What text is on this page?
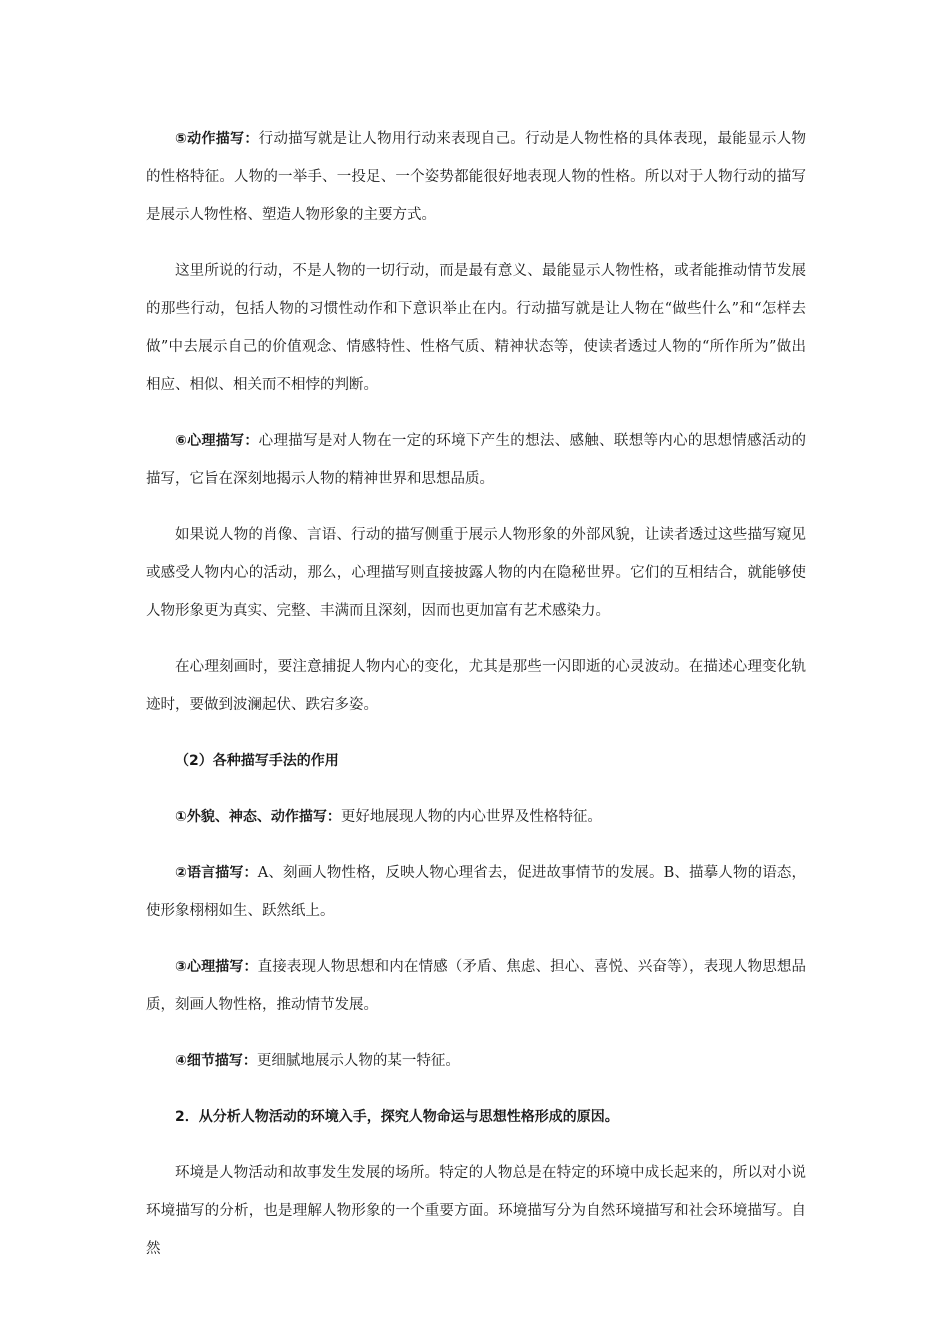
⑤动作描写：行动描写就是让人物用行动来表现自己。行动是人物性格的具体表现，最能显示人物的性格特征。人物的一举手、一投足、一个姿势都能很好地表现人物的性格。所以对于人物行动的描写是展示人物性格、塑造人物形象的主要方式。

这里所说的行动，不是人物的一切行动，而是最有意义、最能显示人物性格，或者能推动情节发展的那些行动，包括人物的习惯性动作和下意识举止在内。行动描写就是让人物在“做些什么”和“怎样去做”中去展示自己的价值观念、情感特性、性格气质、精神状态等，使读者透过人物的“所作所为”做出相应、相似、相关而不相悖的判断。

⑥心理描写：心理描写是对人物在一定的环境下产生的想法、感触、联想等内心的思想情感活动的描写，它旨在深刻地揭示人物的精神世界和思想品质。

如果说人物的肖像、言语、行动的描写侧重于展示人物形象的外部风貌，让读者透过这些描写窥见或感受人物内心的活动，那么，心理描写则直接披露人物的内在隐秘世界。它们的互相结合，就能够使人物形象更为真实、完整、丰满而且深刻，因而也更加富有艺术感染力。

在心理刻画时，要注意捕捉人物内心的变化，尤其是那些一闪即逝的心灵波动。在描述心理变化轨迹时，要做到波澜起伏、跌宕多姿。

（2）各种描写手法的作用

①外貌、神态、动作描写：更好地展现人物的内心世界及性格特征。

②语言描写：A、刻画人物性格，反映人物心理省去，促进故事情节的发展。B、描摹人物的语态，使形象栩栩如生、跃然纸上。

③心理描写：直接表现人物思想和内在情感（矛盾、焦虑、担心、喜悦、兴奋等），表现人物思想品质，刻画人物性格，推动情节发展。

④细节描写：更细腻地展示人物的某一特征。

2．从分析人物活动的环境入手，探究人物命运与思想性格形成的原因。

环境是人物活动和故事发生发展的场所。特定的人物总是在特定的环境中成长起来的，所以对小说环境描写的分析，也是理解人物形象的一个重要方面。环境描写分为自然环境描写和社会环境描写。自然
